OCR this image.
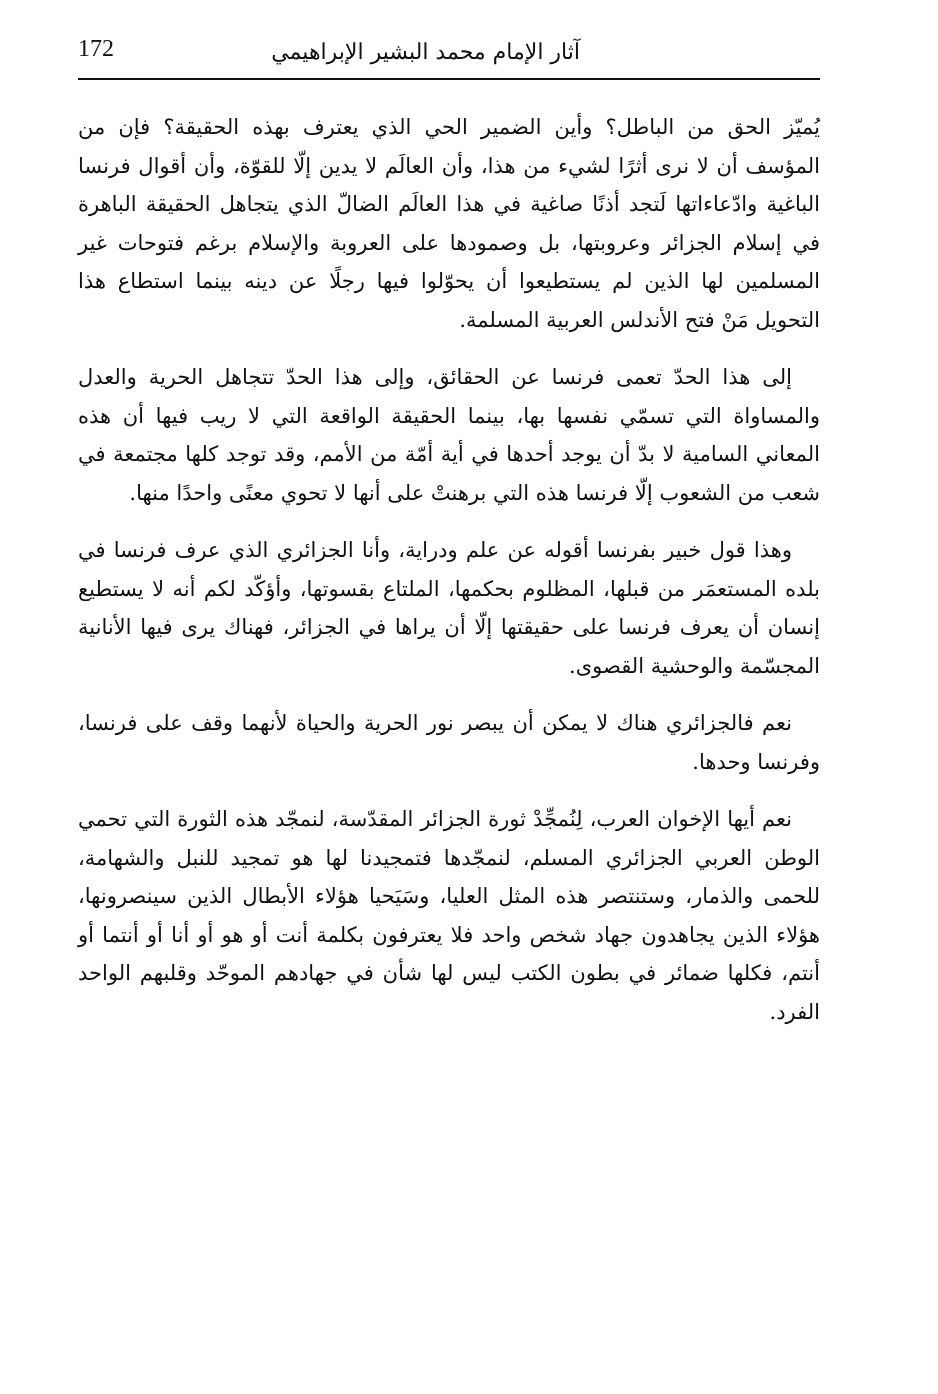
آثار الإمام محمد البشير الإبراهيمي
172

يُميّز الحق من الباطل؟ وأين الضمير الحي الذي يعترف بهذه الحقيقة؟ فإن من المؤسف أن لا نرى أثرًا لشيء من هذا، وأن العالَم لا يدين إلّا للقوّة، وأن أقوال فرنسا الباغية وادّعاءاتها لَتجد أذنًا صاغية في هذا العالَم الضالّ الذي يتجاهل الحقيقة الباهرة في إسلام الجزائر وعروبتها، بل وصمودها على العروبة والإسلام برغم فتوحات غير المسلمين لها الذين لم يستطيعوا أن يحوّلوا فيها رجلًا عن دينه بينما استطاع هذا التحويل مَنْ فتح الأندلس العربية المسلمة.

إلى هذا الحدّ تعمى فرنسا عن الحقائق، وإلى هذا الحدّ تتجاهل الحرية والعدل والمساواة التي تسمّي نفسها بها، بينما الحقيقة الواقعة التي لا ريب فيها أن هذه المعاني السامية لا بدّ أن يوجد أحدها في أية أمّة من الأمم، وقد توجد كلها مجتمعة في شعب من الشعوب إلّا فرنسا هذه التي برهنتْ على أنها لا تحوي معنًى واحدًا منها.

وهذا قول خبير بفرنسا أقوله عن علم ودراية، وأنا الجزائري الذي عرف فرنسا في بلده المستعمَر من قبلها، المظلوم بحكمها، الملتاع بقسوتها، وأؤكّد لكم أنه لا يستطيع إنسان أن يعرف فرنسا على حقيقتها إلّا أن يراها في الجزائر، فهناك يرى فيها الأنانية المجسّمة والوحشية القصوى.

نعم فالجزائري هناك لا يمكن أن يبصر نور الحرية والحياة لأنهما وقف على فرنسا، وفرنسا وحدها.

نعم أيها الإخوان العرب، لِنُمجِّدْ ثورة الجزائر المقدّسة، لنمجّد هذه الثورة التي تحمي الوطن العربي الجزائري المسلم، لنمجّدها فتمجيدنا لها هو تمجيد للنبل والشهامة، للحمى والذمار، وستنتصر هذه المثل العليا، وسَيَحيا هؤلاء الأبطال الذين سينصرونها، هؤلاء الذين يجاهدون جهاد شخص واحد فلا يعترفون بكلمة أنت أو هو أو أنا أو أنتما أو أنتم، فكلها ضمائر في بطون الكتب ليس لها شأن في جهادهم الموحّد وقلبهم الواحد الفرد.
